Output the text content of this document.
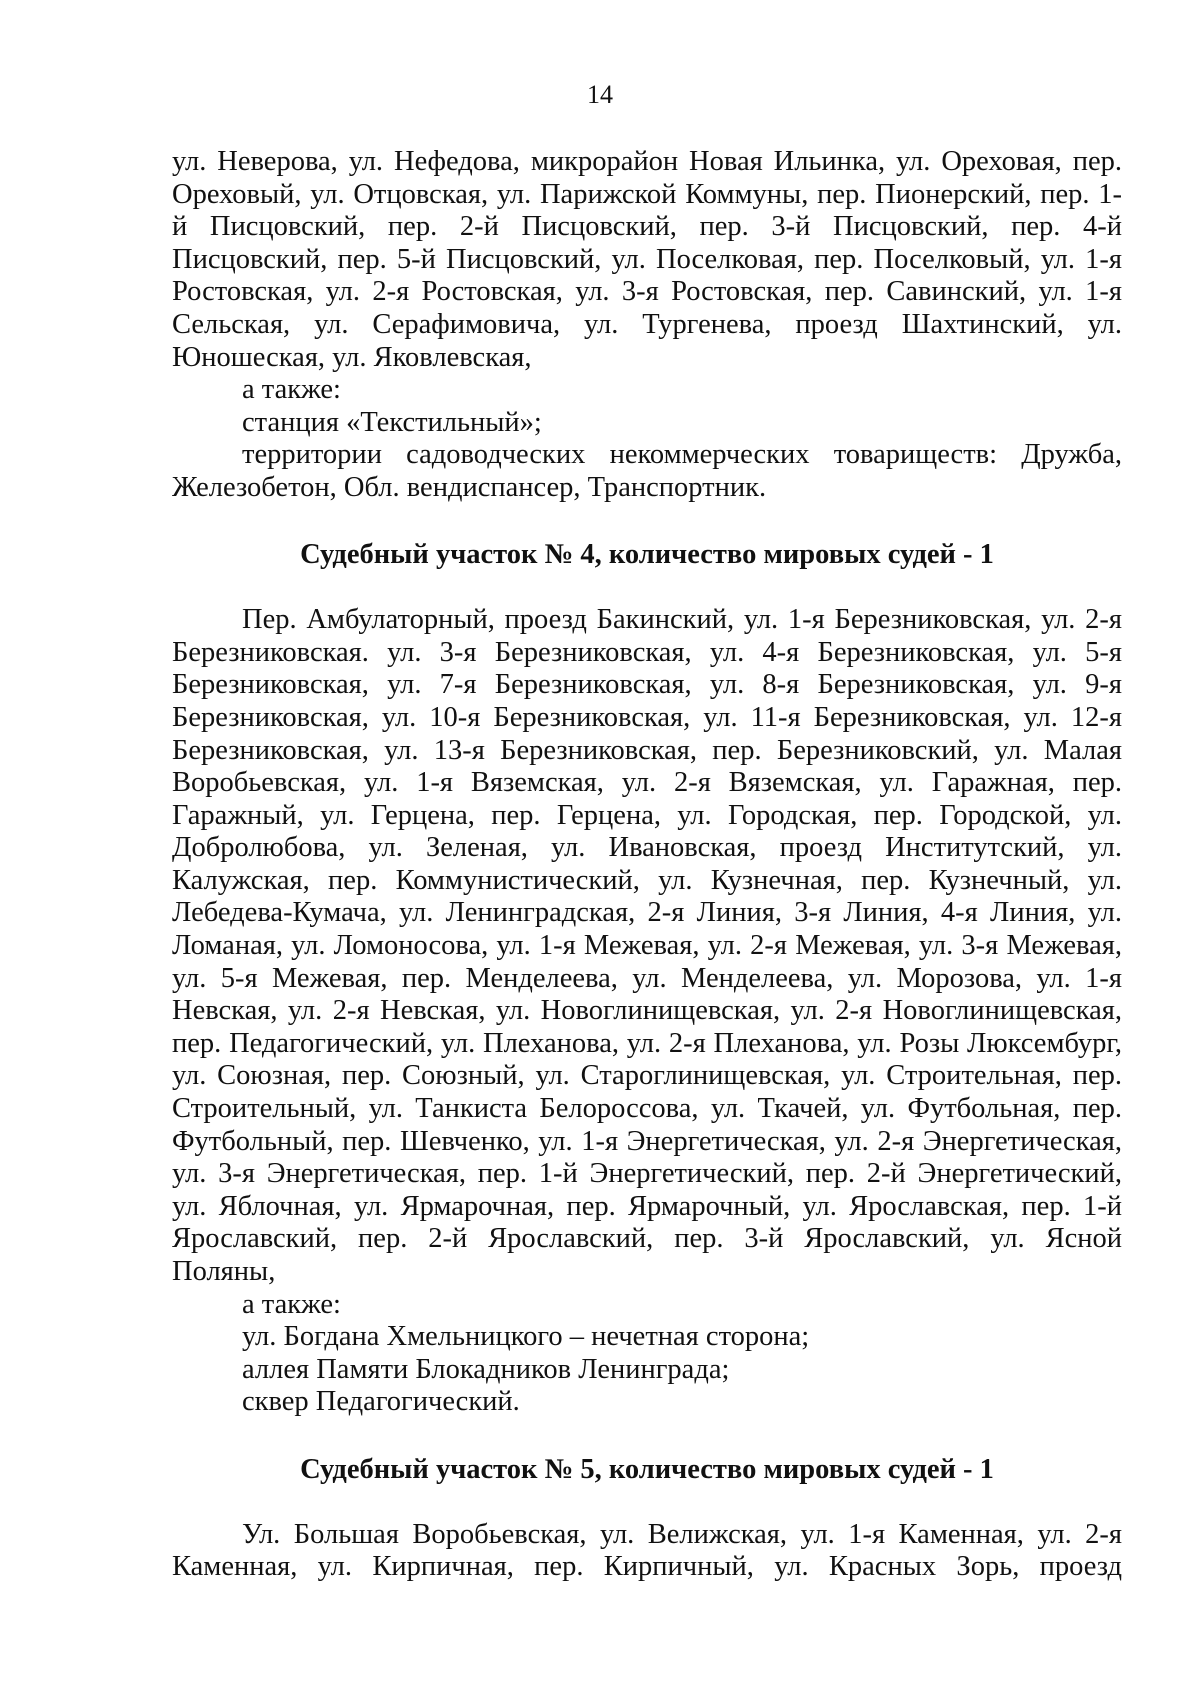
14

ул. Неверова, ул. Нефедова, микрорайон Новая Ильинка, ул. Ореховая, пер. Ореховый, ул. Отцовская, ул. Парижской Коммуны, пер. Пионерский, пер. 1-й Писцовский, пер. 2-й Писцовский, пер. 3-й Писцовский, пер. 4-й Писцовский, пер. 5-й Писцовский, ул. Поселковая, пер. Поселковый, ул. 1-я Ростовская, ул. 2-я Ростовская, ул. 3-я Ростовская, пер. Савинский, ул. 1-я Сельская, ул. Серафимовича, ул. Тургенева, проезд Шахтинский, ул. Юношеская, ул. Яковлевская,

а также:

станция «Текстильный»;

территории садоводческих некоммерческих товариществ: Дружба, Железобетон, Обл. вендиспансер, Транспортник.

Судебный участок № 4, количество мировых судей - 1

Пер. Амбулаторный, проезд Бакинский, ул. 1-я Березниковская, ул. 2-я Березниковская. ул. 3-я Березниковская, ул. 4-я Березниковская, ул. 5-я Березниковская, ул. 7-я Березниковская, ул. 8-я Березниковская, ул. 9-я Березниковская, ул. 10-я Березниковская, ул. 11-я Березниковская, ул. 12-я Березниковская, ул. 13-я Березниковская, пер. Березниковский, ул. Малая Воробьевская, ул. 1-я Вяземская, ул. 2-я Вяземская, ул. Гаражная, пер. Гаражный, ул. Герцена, пер. Герцена, ул. Городская, пер. Городской, ул. Добролюбова, ул. Зеленая, ул. Ивановская, проезд Институтский, ул. Калужская, пер. Коммунистический, ул. Кузнечная, пер. Кузнечный, ул. Лебедева-Кумача, ул. Ленинградская, 2-я Линия, 3-я Линия, 4-я Линия, ул. Ломаная, ул. Ломоносова, ул. 1-я Межевая, ул. 2-я Межевая, ул. 3-я Межевая, ул. 5-я Межевая, пер. Менделеева, ул. Менделеева, ул. Морозова, ул. 1-я Невская, ул. 2-я Невская, ул. Новоглинищевская, ул. 2-я Новоглинищевская, пер. Педагогический, ул. Плеханова, ул. 2-я Плеханова, ул. Розы Люксембург, ул. Союзная, пер. Союзный, ул. Староглинищевская, ул. Строительная, пер. Строительный, ул. Танкиста Белороссова, ул. Ткачей, ул. Футбольная, пер. Футбольный, пер. Шевченко, ул. 1-я Энергетическая, ул. 2-я Энергетическая, ул. 3-я Энергетическая, пер. 1-й Энергетический, пер. 2-й Энергетический, ул. Яблочная, ул. Ярмарочная, пер. Ярмарочный, ул. Ярославская, пер. 1-й Ярославский, пер. 2-й Ярославский, пер. 3-й Ярославский, ул. Ясной Поляны,

а также:

ул. Богдана Хмельницкого – нечетная сторона;

аллея Памяти Блокадников Ленинграда;

сквер Педагогический.

Судебный участок № 5, количество мировых судей - 1

Ул. Большая Воробьевская, ул. Велижская, ул. 1-я Каменная, ул. 2-я Каменная, ул. Кирпичная, пер. Кирпичный, ул. Красных Зорь, проезд
